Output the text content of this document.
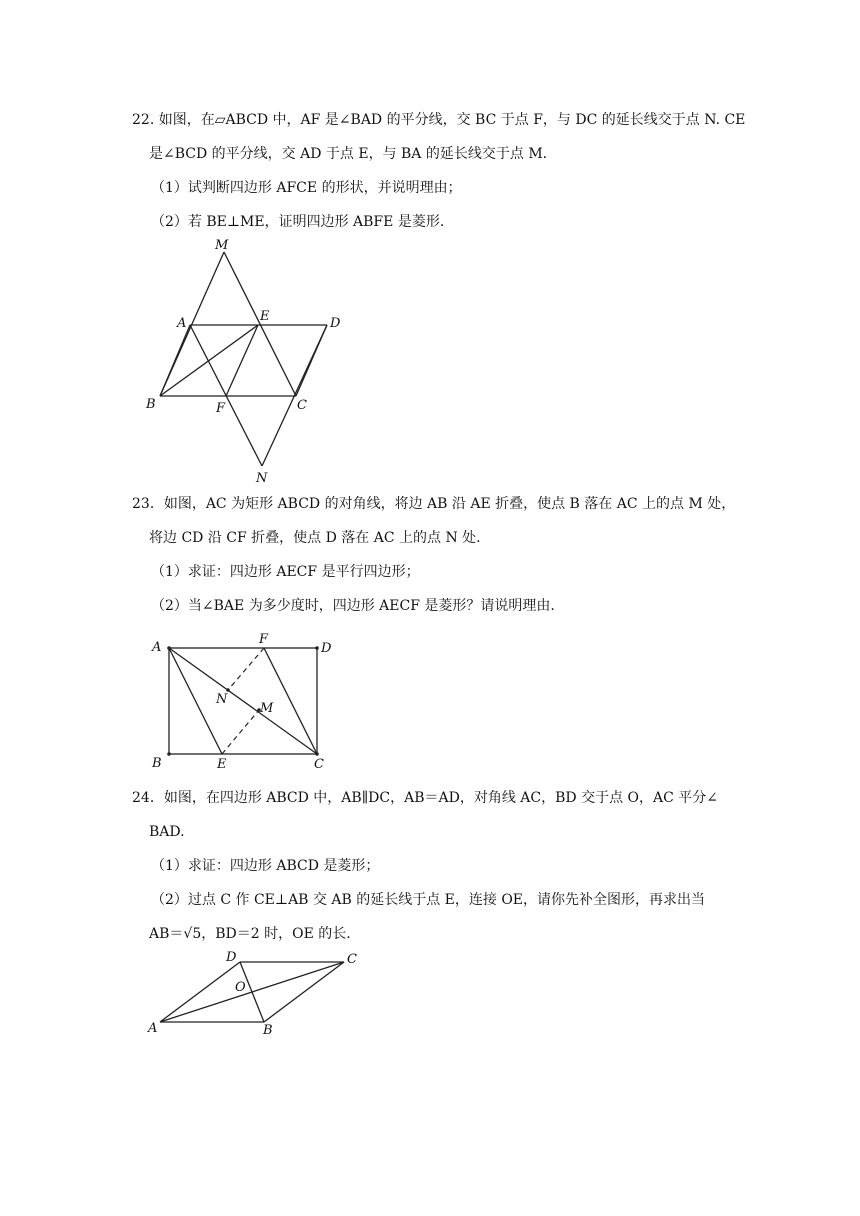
22. 如图，在▱ABCD 中，AF 是∠BAD 的平分线，交 BC 于点 F，与 DC 的延长线交于点 N. CE
是∠BCD 的平分线，交 AD 于点 E，与 BA 的延长线交于点 M.
（1）试判断四边形 AFCE 的形状，并说明理由；
（2）若 BE⊥ME，证明四边形 ABFE 是菱形.
M
A	E	D
B	F	C
N
23．如图，AC 为矩形 ABCD 的对角线，将边 AB 沿 AE 折叠，使点 B 落在 AC 上的点 M 处，
将边 CD 沿 CF 折叠，使点 D 落在 AC 上的点 N 处.
（1）求证：四边形 AECF 是平行四边形；
（2）当∠BAE 为多少度时，四边形 AECF 是菱形？请说明理由.
A
F
D
N
M
B	E	C
24．如图，在四边形 ABCD 中，AB∥DC，AB＝AD，对角线 AC，BD 交于点 O，AC 平分∠
BAD.
（1）求证：四边形 ABCD 是菱形；
（2）过点 C 作 CE⊥AB 交 AB 的延长线于点 E，连接 OE，请你先补全图形，再求出当
AB＝√5，BD＝2 时，OE 的长.
D	C
O
A	B
